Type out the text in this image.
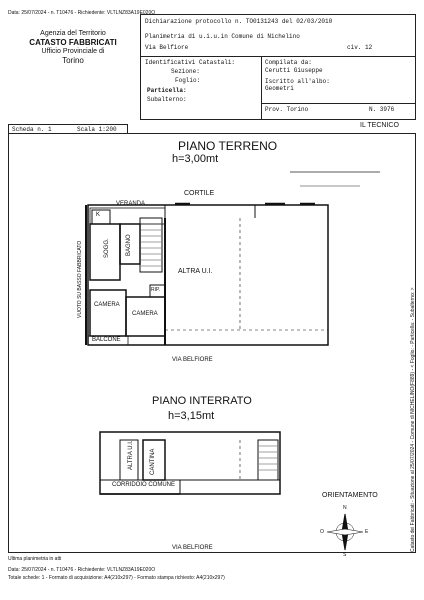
Data: 25/07/2024 - n. T10476 - Richiedente: VLTLNZ83A19E020O
Agenzia del Territorio
CATASTO FABBRICATI
Ufficio Provinciale di
Torino
Dichiarazione protocollo n. TO0131243 del 02/03/2010
Planimetria di u.i.u.in Comune di Nichelino
Via Belfiore	civ. 12
Identificativi Catastali:
Sezione:
Foglio:
Particella:
Subalterno:
Compilata da:
Cerutti Giuseppe
Iscritto all'albo:
Geometri
Prov. Torino	N. 3976
Scheda n. 1	Scala 1:200
IL TECNICO
PIANO TERRENO
h=3,00mt
CORTILE
VERANDA
K
SOGG.	BAGNO
ALTRA U.I.
RIP.
CAMERA
CAMERA
BALCONE
VUOTO SU BASSO FABBRICATO
VIA BELFIORE
PIANO INTERRATO
h=3,15mt
ALTRA U.I.	CANTINA
CORRIDOIO COMUNE
ORIENTAMENTO
VIA BELFIORE
N
S
E
O
Ultima planimetria in atti
Data: 25/07/2024 - n. T10476 - Richiedente: VLTLNZ83A19E020O
Totale schede: 1 - Formato di acquisizione: A4(210x297) - Formato stampa richiesto: A4(210x297)
Catasto dei Fabbricati - Situazione al 25/07/2024 - Comune di NICHELINO(F889) - < Foglio: - Particella: - Subalterno: >
